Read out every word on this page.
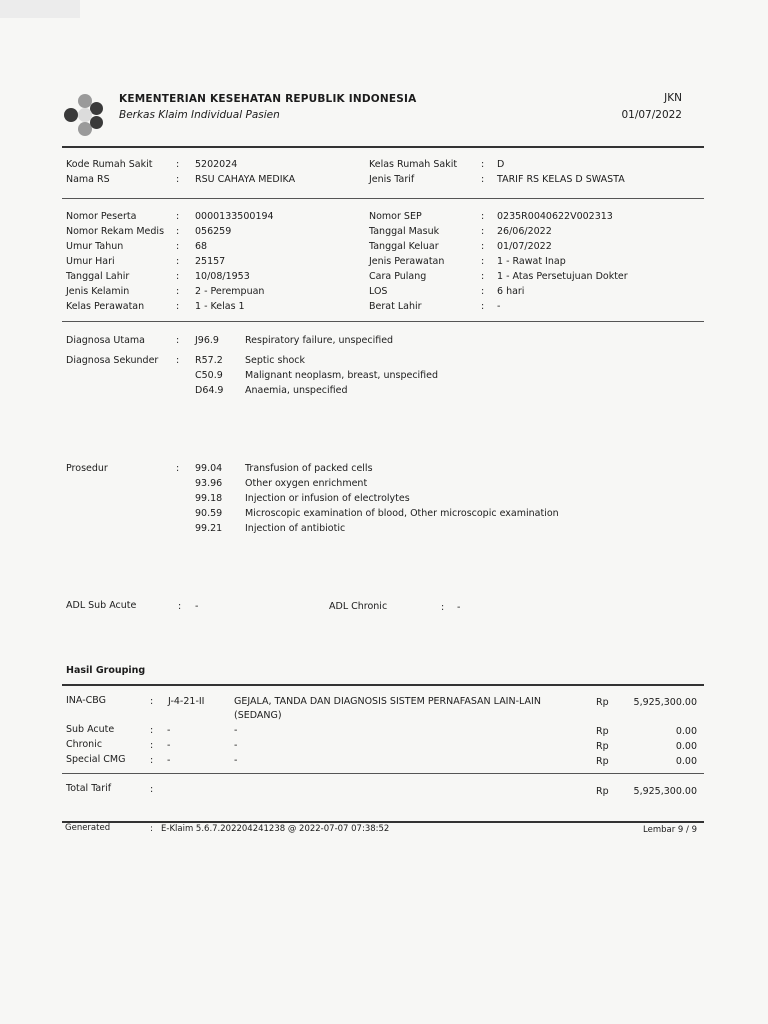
KEMENTERIAN KESEHATAN REPUBLIK INDONESIA
Berkas Klaim Individual Pasien
JKN
01/07/2022
Kode Rumah Sakit : 5202024
Nama RS	: RSU CAHAYA MEDIKA
Kelas Rumah Sakit	: D
Jenis Tarif	: TARIF RS KELAS D SWASTA
Nomor Peserta	: 0000133500194
Nomor Rekam Medis : 056259
Umur Tahun	: 68
Umur Hari	: 25157
Tanggal Lahir	: 10/08/1953
Jenis Kelamin	: 2 - Perempuan
Kelas Perawatan	: 1 - Kelas 1
Nomor SEP	: 0235R0040622V002313
Tanggal Masuk	: 26/06/2022
Tanggal Keluar	: 01/07/2022
Jenis Perawatan	: 1 - Rawat Inap
Cara Pulang	: 1 - Atas Persetujuan Dokter
LOS	: 6 hari
Berat Lahir	: -
Diagnosa Utama	: J96.9	Respiratory failure, unspecified
Diagnosa Sekunder : R57.2 Septic shock
C50.9 Malignant neoplasm, breast, unspecified
D64.9 Anaemia, unspecified
Prosedur	: 99.04 Transfusion of packed cells
93.96 Other oxygen enrichment
99.18 Injection or infusion of electrolytes
90.59 Microscopic examination of blood, Other microscopic examination
99.21 Injection of antibiotic
ADL Sub Acute	: -	ADL Chronic	: -
Hasil Grouping
INA-CBG	: J-4-21-II	GEJALA, TANDA DAN DIAGNOSIS SISTEM PERNAFASAN LAIN-LAIN
(SEDANG)
Rp	5,925,300.00
Sub Acute	: -	-	Rp	0.00
Chronic	: -	-	Rp	0.00
Special CMG	: -	-	Rp	0.00
Total Tarif	:	Rp	5,925,300.00
Generated	: E-Klaim 5.6.7.202204241238 @ 2022-07-07 07:38:52	Lembar 9 / 9
